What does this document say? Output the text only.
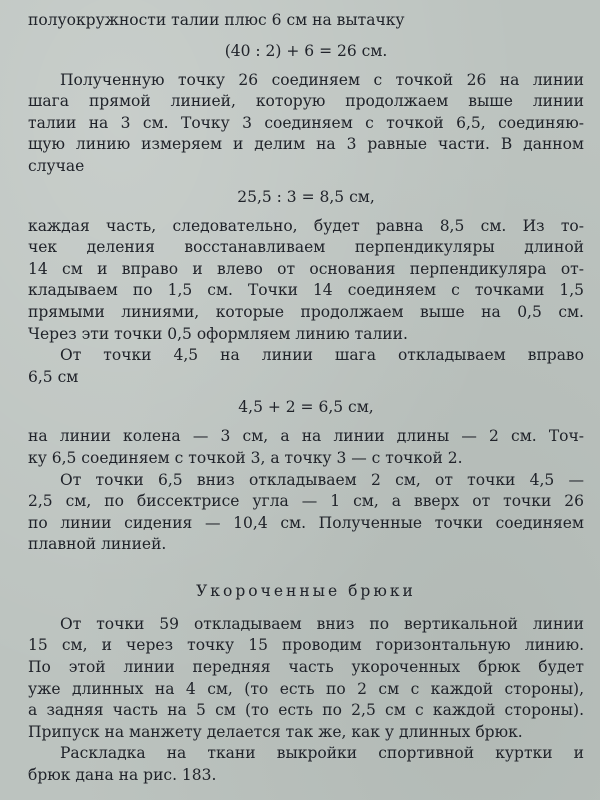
полуокружности талии плюс 6 см на вытачку
(40 : 2) + 6 = 26 см.
Полученную точку 26 соединяем с точкой 26 на линии
шага прямой линией, которую продолжаем выше линии
талии на 3 см. Точку 3 соединяем с точкой 6,5, соединяю-
щую линию измеряем и делим на 3 равные части. В данном
случае
25,5 : 3 = 8,5 см,
каждая часть, следовательно, будет равна 8,5 см. Из то-
чек деления восстанавливаем перпендикуляры длиной
14 см и вправо и влево от основания перпендикуляра от-
кладываем по 1,5 см. Точки 14 соединяем с точками 1,5
прямыми линиями, которые продолжаем выше на 0,5 см.
Через эти точки 0,5 оформляем линию талии.
От точки 4,5 на линии шага откладываем вправо
6,5 см
4,5 + 2 = 6,5 см,
на линии колена — 3 см, а на линии длины — 2 см. Точ-
ку 6,5 соединяем с точкой 3, а точку 3 — с точкой 2.
От точки 6,5 вниз откладываем 2 см, от точки 4,5 —
2,5 см, по биссектрисе угла — 1 см, а вверх от точки 26
по линии сидения — 10,4 см. Полученные точки соединяем
плавной линией.
Укороченные брюки
От точки 59 откладываем вниз по вертикальной линии
15 см, и через точку 15 проводим горизонтальную линию.
По этой линии передняя часть укороченных брюк будет
уже длинных на 4 см, (то есть по 2 см с каждой стороны),
а задняя часть на 5 см (то есть по 2,5 см с каждой стороны).
Припуск на манжету делается так же, как у длинных брюк.
Раскладка на ткани выкройки спортивной куртки и
брюк дана на рис. 183.
